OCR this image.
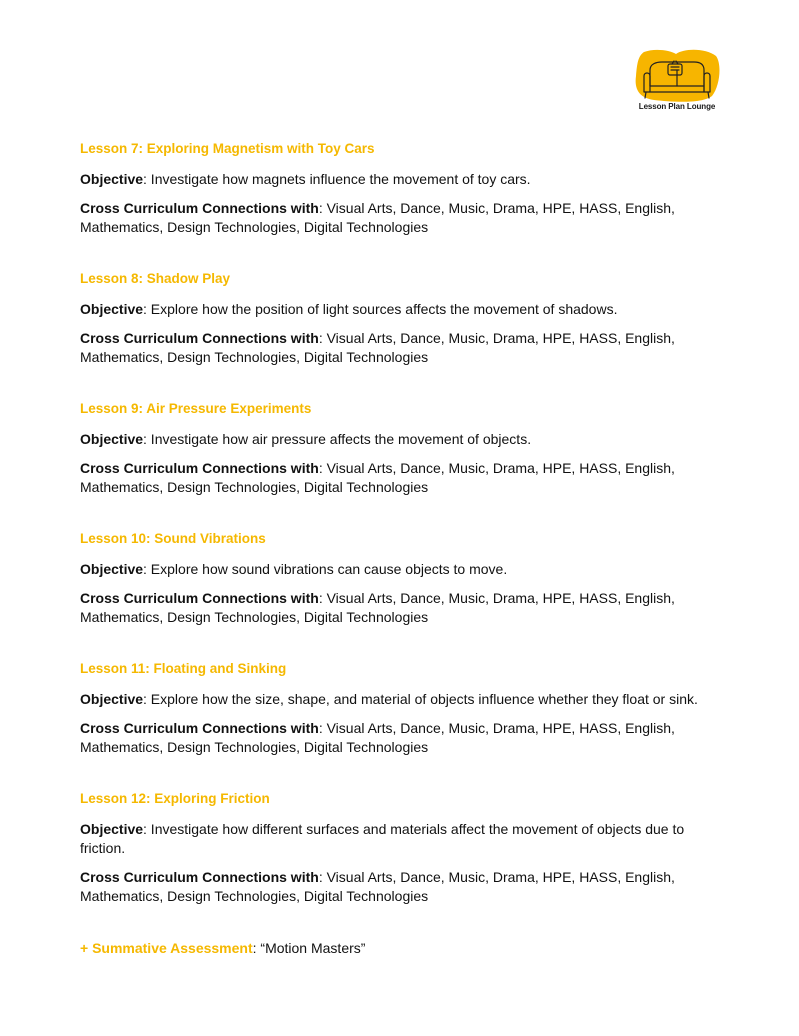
Lesson Plan Lounge
Lesson 7: Exploring Magnetism with Toy Cars

Objective: Investigate how magnets influence the movement of toy cars.

Cross Curriculum Connections with: Visual Arts, Dance, Music, Drama, HPE, HASS, English, Mathematics, Design Technologies, Digital Technologies

Lesson 8: Shadow Play

Objective: Explore how the position of light sources affects the movement of shadows.

Cross Curriculum Connections with: Visual Arts, Dance, Music, Drama, HPE, HASS, English, Mathematics, Design Technologies, Digital Technologies

Lesson 9: Air Pressure Experiments

Objective: Investigate how air pressure affects the movement of objects.

Cross Curriculum Connections with: Visual Arts, Dance, Music, Drama, HPE, HASS, English, Mathematics, Design Technologies, Digital Technologies

Lesson 10: Sound Vibrations

Objective: Explore how sound vibrations can cause objects to move.

Cross Curriculum Connections with: Visual Arts, Dance, Music, Drama, HPE, HASS, English, Mathematics, Design Technologies, Digital Technologies

Lesson 11: Floating and Sinking

Objective: Explore how the size, shape, and material of objects influence whether they float or sink.

Cross Curriculum Connections with: Visual Arts, Dance, Music, Drama, HPE, HASS, English, Mathematics, Design Technologies, Digital Technologies

Lesson 12: Exploring Friction

Objective: Investigate how different surfaces and materials affect the movement of objects due to friction.

Cross Curriculum Connections with: Visual Arts, Dance, Music, Drama, HPE, HASS, English, Mathematics, Design Technologies, Digital Technologies

+ Summative Assessment: “Motion Masters”
